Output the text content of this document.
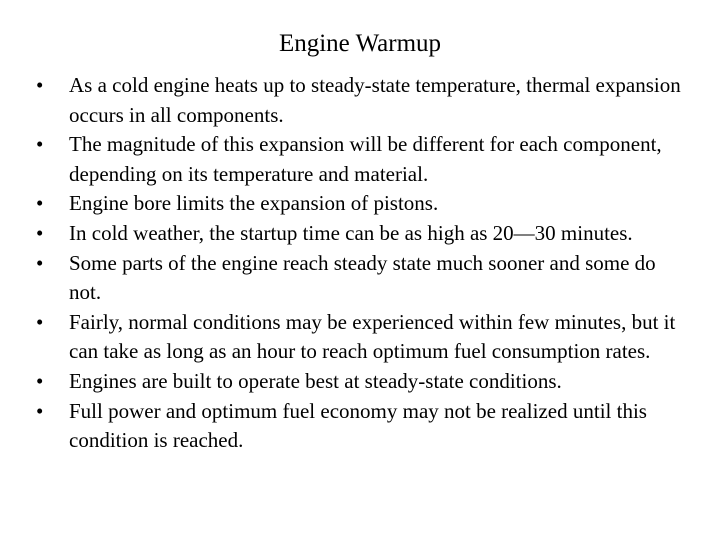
Engine Warmup
•	As a cold engine heats up to steady-state temperature, thermal expansion occurs in all components.
•	The magnitude of this expansion will be different for each component, depending on its temperature and material.
•	Engine bore limits the expansion of pistons.
•	In cold weather, the startup time can be as high as 20—30 minutes.
•	Some parts of the engine reach steady state much sooner and some do not.
•	Fairly, normal conditions may be experienced within few minutes, but it can take as long as an hour to reach optimum fuel consumption rates.
•	Engines are built to operate best at steady-state conditions.
•	Full power and optimum fuel economy may not be realized until this condition is reached.
